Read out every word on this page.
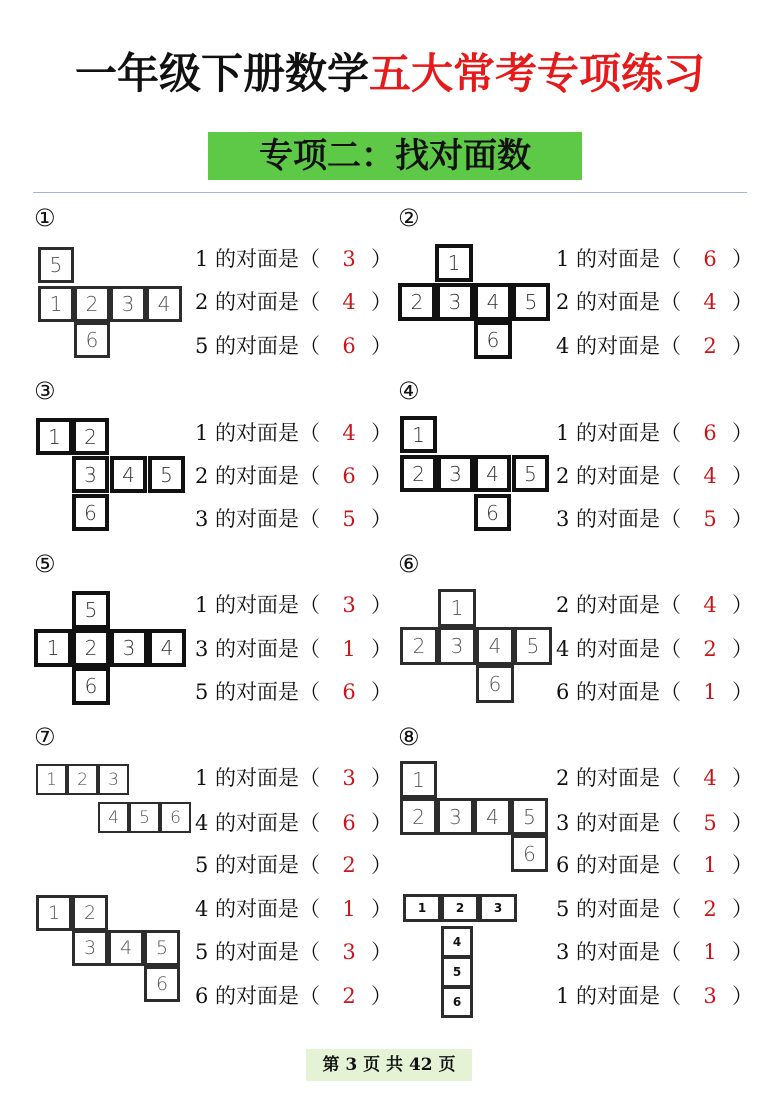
一年级下册数学五大常考专项练习
专项二：找对面数
①
5
1	2	3	4
6
1 的对面是（ 3 ）
2 的对面是（ 4 ）
5 的对面是（ 6 ）
②
1
2	3	4	5
6
1 的对面是（ 6 ）
2 的对面是（ 4 ）
4 的对面是（ 2 ）
③
1	2
3	4	5
6
1 的对面是（ 4 ）
2 的对面是（ 6 ）
3 的对面是（ 5 ）
④
1
2	3	4	5
6
1 的对面是（ 6 ）
2 的对面是（ 4 ）
3 的对面是（ 5 ）
⑤
5
1	2	3	4
6
1 的对面是（ 3 ）
3 的对面是（ 1 ）
5 的对面是（ 6 ）
⑥
1
2	3	4	5
6
2 的对面是（ 4 ）
4 的对面是（ 2 ）
6 的对面是（ 1 ）
⑦
1	2	3
4	5	6
1 的对面是（ 3 ）
4 的对面是（ 6 ）
5 的对面是（ 2 ）
⑧
1
2	3	4	5
6
2 的对面是（ 4 ）
3 的对面是（ 5 ）
6 的对面是（ 1 ）
1	2
3	4	5
6
4 的对面是（ 1 ）
5 的对面是（ 3 ）
6 的对面是（ 2 ）
1	2	3
4
5
6
5 的对面是（ 2 ）
3 的对面是（ 1 ）
1 的对面是（ 3 ）
第 3 页 共 42 页
